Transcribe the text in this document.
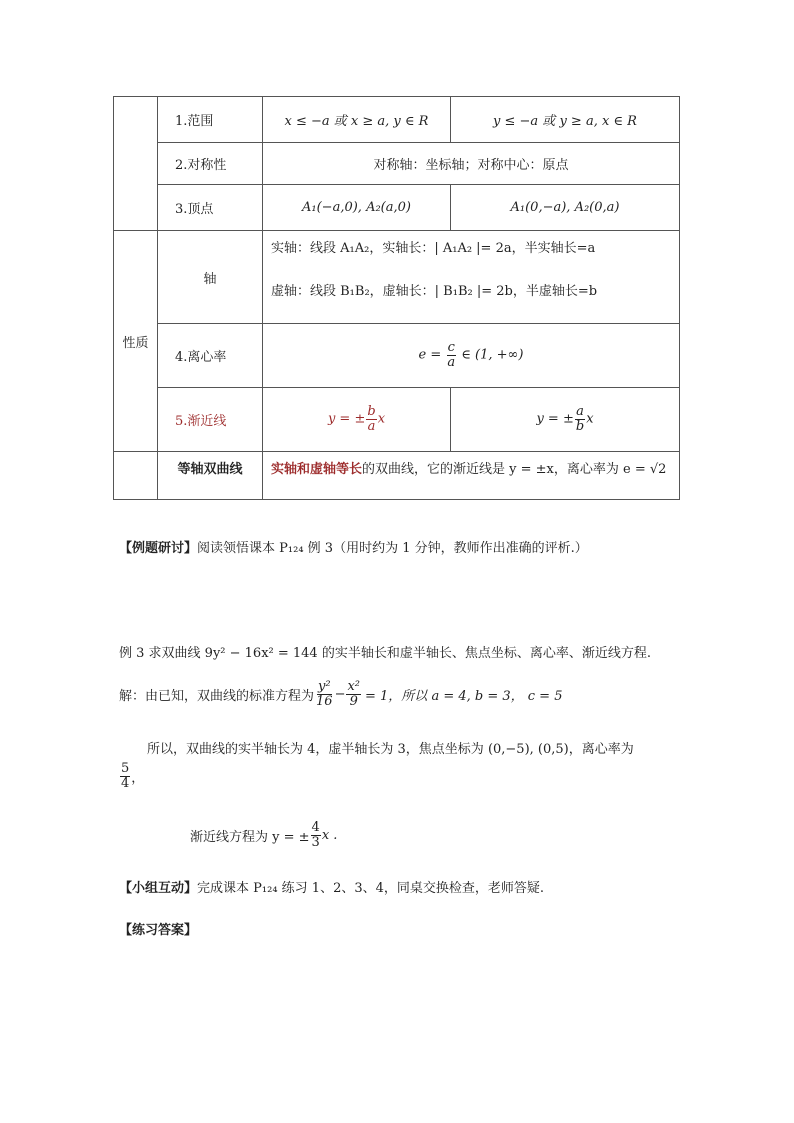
	1.范围	x ≤ −a 或 x ≥ a, y ∈ R	y ≤ −a 或 y ≥ a, x ∈ R
	2.对称性	对称轴：坐标轴；对称中心：原点	
	3.顶点	A₁(−a,0), A₂(a,0)	A₁(0,−a), A₂(0,a)
性质	轴	实轴：线段 A₁A₂，实轴长：| A₁A₂ |= 2a，半实轴长=a
虚轴：线段 B₁B₂，虚轴长：| B₁B₂ |= 2b，半虚轴长=b	

	4.离心率	$e = \frac{c}{a}$ ∈ (1, +∞)	
	5.渐近线	y = ± $\frac{b}{a}$ x	y = ± $\frac{a}{b}$ x
	等轴双曲线	实轴和虚轴等长的双曲线，它的渐近线是 y = ±x，离心率为 e = √2	
【例题研讨】阅读领悟课本 P₁₂₄ 例 3（用时约为 1 分钟，教师作出准确的评析.）
例 3 求双曲线 9y² − 16x² = 144 的实半轴长和虚半轴长、焦点坐标、离心率、渐近线方程.
解：由已知，双曲线的标准方程为 $\frac{\text{y²}}{16} - \frac{\text{x²}}{9} = 1$，所以 a = 4, b = 3， c = 5
所以，双曲线的实半轴长为 4，虚半轴长为 3，焦点坐标为 (0,−5), (0,5)，离心率为
$\frac{5}{4}$ ，
渐近线方程为 y = ± $\frac{4}{3}$ x .
【小组互动】完成课本 P₁₂₄ 练习 1、2、3、4，同桌交换检查，老师答疑.
【练习答案】
